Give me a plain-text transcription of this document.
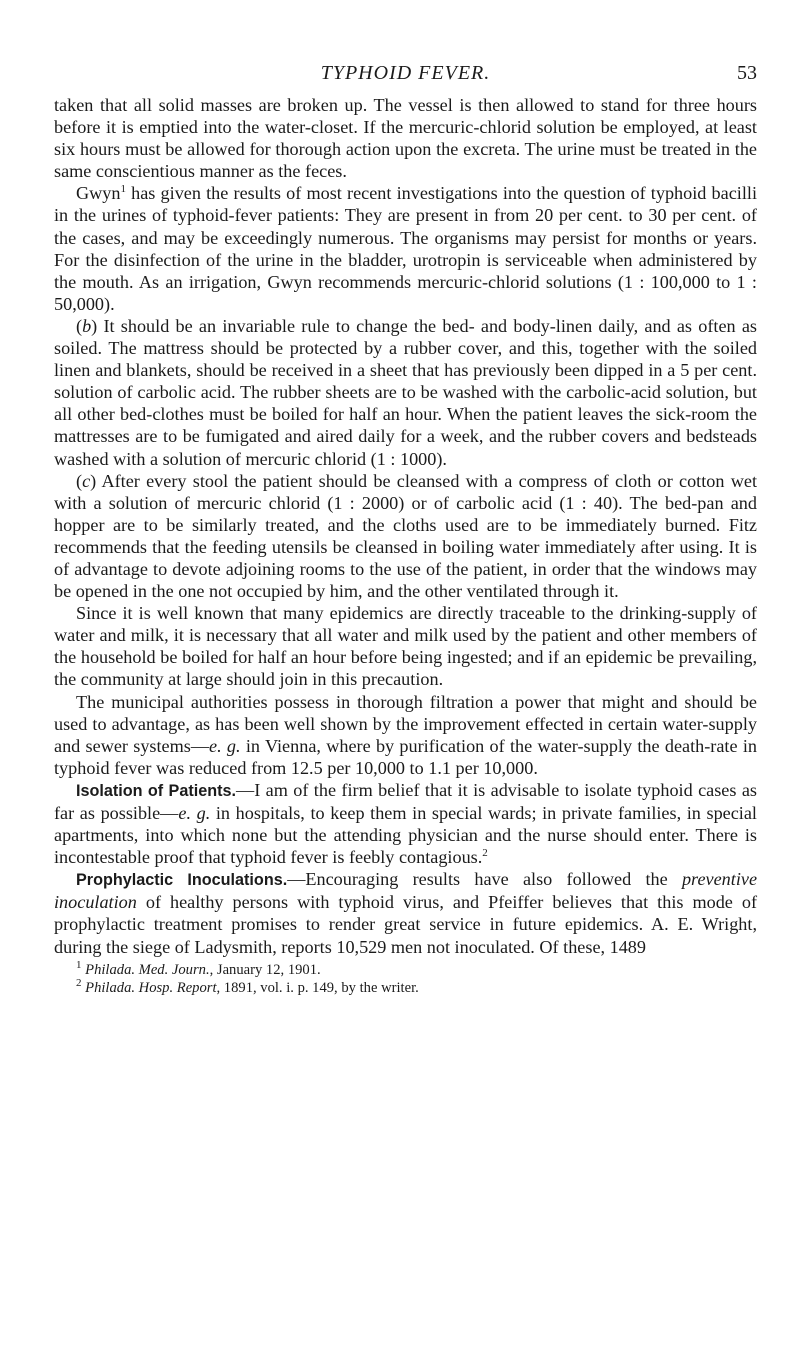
TYPHOID FEVER.	53

taken that all solid masses are broken up. The vessel is then allowed to stand for three hours before it is emptied into the water-closet. If the mercuric-chlorid solution be employed, at least six hours must be allowed for thorough action upon the excreta. The urine must be treated in the same conscientious manner as the feces.

Gwyn$^1$ has given the results of most recent investigations into the question of typhoid bacilli in the urines of typhoid-fever patients: They are present in from 20 per cent. to 30 per cent. of the cases, and may be exceedingly numerous. The organisms may persist for months or years. For the disinfection of the urine in the bladder, urotropin is serviceable when administered by the mouth. As an irrigation, Gwyn recommends mercuric-chlorid solutions (1 : 100,000 to 1 : 50,000).

(b) It should be an invariable rule to change the bed- and body-linen daily, and as often as soiled. The mattress should be protected by a rubber cover, and this, together with the soiled linen and blankets, should be received in a sheet that has previously been dipped in a 5 per cent. solution of carbolic acid. The rubber sheets are to be washed with the carbolic-acid solution, but all other bed-clothes must be boiled for half an hour. When the patient leaves the sick-room the mattresses are to be fumigated and aired daily for a week, and the rubber covers and bedsteads washed with a solution of mercuric chlorid (1 : 1000).

(c) After every stool the patient should be cleansed with a compress of cloth or cotton wet with a solution of mercuric chlorid (1 : 2000) or of carbolic acid (1 : 40). The bed-pan and hopper are to be similarly treated, and the cloths used are to be immediately burned. Fitz recommends that the feeding utensils be cleansed in boiling water immediately after using. It is of advantage to devote adjoining rooms to the use of the patient, in order that the windows may be opened in the one not occupied by him, and the other ventilated through it.

Since it is well known that many epidemics are directly traceable to the drinking-supply of water and milk, it is necessary that all water and milk used by the patient and other members of the household be boiled for half an hour before being ingested; and if an epidemic be prevailing, the community at large should join in this precaution.

The municipal authorities possess in thorough filtration a power that might and should be used to advantage, as has been well shown by the improvement effected in certain water-supply and sewer systems—e. g. in Vienna, where by purification of the water-supply the death-rate in typhoid fever was reduced from 12.5 per 10,000 to 1.1 per 10,000.

Isolation of Patients.—I am of the firm belief that it is advisable to isolate typhoid cases as far as possible—e. g. in hospitals, to keep them in special wards; in private families, in special apartments, into which none but the attending physician and the nurse should enter. There is incontestable proof that typhoid fever is feebly contagious.$^2$

Prophylactic Inoculations.—Encouraging results have also followed the preventive inoculation of healthy persons with typhoid virus, and Pfeiffer believes that this mode of prophylactic treatment promises to render great service in future epidemics. A. E. Wright, during the siege of Ladysmith, reports 10,529 men not inoculated. Of these, 1489

$^1$ Philada. Med. Journ., January 12, 1901.

$^2$ Philada. Hosp. Report, 1891, vol. i. p. 149, by the writer.
